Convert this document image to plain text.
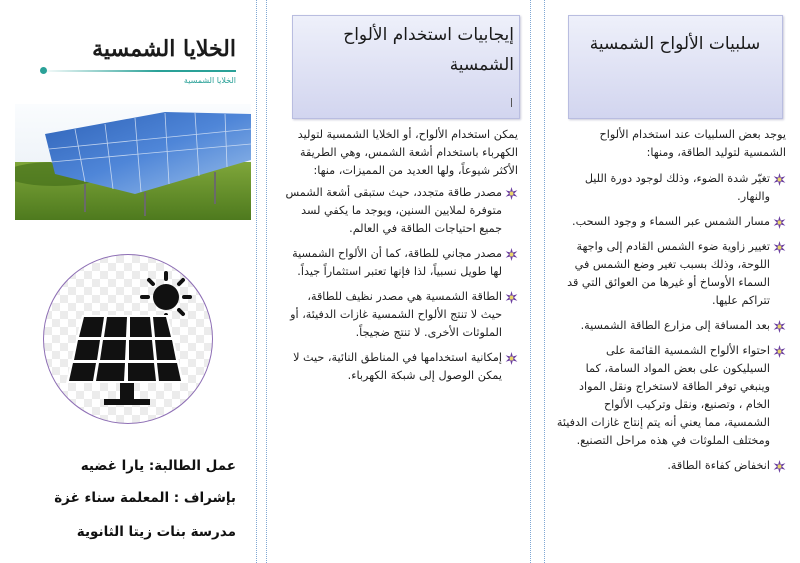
سلبيات الألواح الشمسية

يوجد بعض السلبيات عند استخدام الألواح الشمسية لتوليد الطاقة، ومنها:

تغيّر شدة الضوء، وذلك لوجود دورة الليل والنهار.
مسار الشمس عبر السماء و وجود السحب.
تغيير زاوية ضوء الشمس القادم إلى واجهة اللوحة، وذلك بسبب تغير وضع الشمس في السماء الأوساخ أو غيرها من العوائق التي قد تتراكم عليها.
بعد المسافة إلى مزارع الطاقة الشمسية.
احتواء الألواح الشمسية القائمة على السيليكون على بعض المواد السامة، كما وينبغي توفر الطاقة لاستخراج ونقل المواد الخام ، وتصنيع، ونقل وتركيب الألواح الشمسية، مما يعني أنه يتم إنتاج غازات الدفيئة ومختلف الملوثات في هذه مراحل التصنيع.
انخفاض كفاءة الطاقة.
إيجابيات استخدام الألواح الشمسية

يمكن استخدام الألواح، أو الخلايا الشمسية لتوليد الكهرباء باستخدام أشعة الشمس، وهي الطريقة الأكثر شيوعاً، ولها العديد من المميزات، منها:

مصدر طاقة متجدد، حيث ستبقى أشعة الشمس متوفرة لملايين السنين، ويوجد ما يكفي لسد جميع احتياجات الطاقة في العالم.
مصدر مجاني للطاقة، كما أن الألواح الشمسية لها طويل نسبياً، لذا فإنها تعتبر استثماراً جيداً.
الطاقة الشمسية هي مصدر نظيف للطاقة، حيث لا تنتج الألواح الشمسية غازات الدفيئة، أو الملوثات الأخرى. لا تنتج ضجيجاً.
إمكانية استخدامها في المناطق النائية، حيث لا يمكن الوصول إلى شبكة الكهرباء.
الخلايا الشمسية
الخلايا الشمسية
عمل الطالبة: يارا غضيه
بإشراف : المعلمة سناء غزة
مدرسة بنات زيتا الثانوية
